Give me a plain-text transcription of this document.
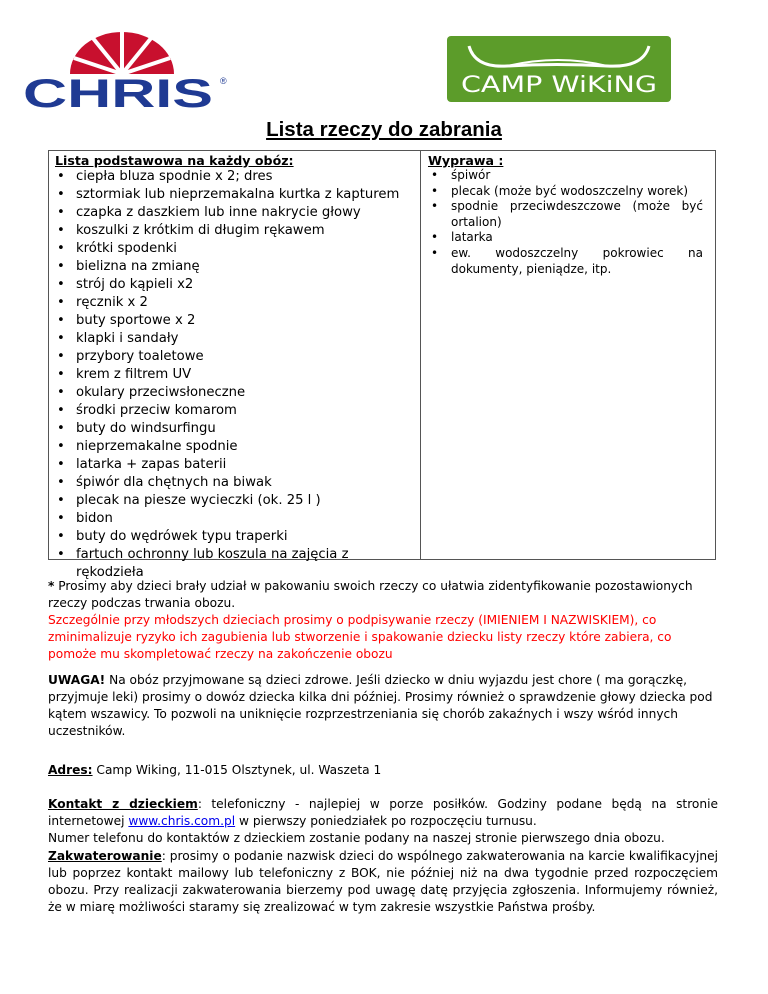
CHRIS ®	CAMP WiKiNG
Lista rzeczy do zabrania
Lista podstawowa na każdy obóz:
• ciepła bluza spodnie x 2; dres
• sztormiak lub nieprzemakalna kurtka z kapturem
• czapka z daszkiem lub inne nakrycie głowy
• koszulki z krótkim di długim rękawem
• krótki spodenki
• bielizna na zmianę
• strój do kąpieli x2
• ręcznik x 2
• buty sportowe x 2
• klapki i sandały
• przybory toaletowe
• krem z filtrem UV
• okulary przeciwsłoneczne
• środki przeciw komarom
• buty do windsurfingu
• nieprzemakalne spodnie
• latarka + zapas baterii
• śpiwór dla chętnych na biwak
• plecak na piesze wycieczki (ok. 25 l )
• bidon
• buty do wędrówek typu traperki
• fartuch ochronny lub koszula na zajęcia z rękodzieła
Wyprawa :
• śpiwór
• plecak (może być wodoszczelny worek)
• spodnie przeciwdeszczowe (może być ortalion)
• latarka
• ew. wodoszczelny pokrowiec na dokumenty, pieniądze, itp.
* Prosimy aby dzieci brały udział w pakowaniu swoich rzeczy co ułatwia zidentyfikowanie pozostawionych rzeczy podczas trwania obozu.
Szczególnie przy młodszych dzieciach prosimy o podpisywanie rzeczy (IMIENIEM I NAZWISKIEM), co zminimalizuje ryzyko ich zagubienia lub stworzenie i spakowanie dziecku listy rzeczy które zabiera, co pomoże mu skompletować rzeczy na zakończenie obozu
UWAGA! Na obóz przyjmowane są dzieci zdrowe. Jeśli dziecko w dniu wyjazdu jest chore ( ma gorączkę, przyjmuje leki) prosimy o dowóz dziecka kilka dni później. Prosimy również o sprawdzenie głowy dziecka pod kątem wszawicy. To pozwoli na uniknięcie rozprzestrzeniania się chorób zakaźnych i wszy wśród innych uczestników.
Adres: Camp Wiking, 11-015 Olsztynek, ul. Waszeta 1
Kontakt z dzieckiem: telefoniczny - najlepiej w porze posiłków. Godziny podane będą na stronie internetowej www.chris.com.pl w pierwszy poniedziałek po rozpoczęciu turnusu.
Numer telefonu do kontaktów z dzieckiem zostanie podany na naszej stronie pierwszego dnia obozu.
Zakwaterowanie: prosimy o podanie nazwisk dzieci do wspólnego zakwaterowania na karcie kwalifikacyjnej lub poprzez kontakt mailowy lub telefoniczny z BOK, nie później niż na dwa tygodnie przed rozpoczęciem obozu. Przy realizacji zakwaterowania bierzemy pod uwagę datę przyjęcia zgłoszenia. Informujemy również, że w miarę możliwości staramy się zrealizować w tym zakresie wszystkie Państwa prośby.
